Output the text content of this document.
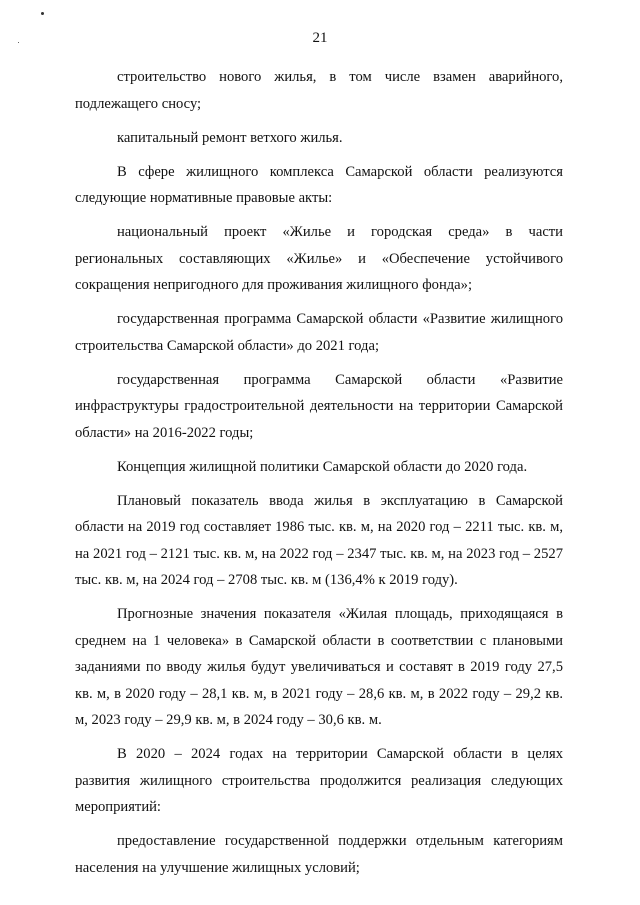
21

строительство нового жилья, в том числе взамен аварийного, подлежащего сносу;

капитальный ремонт ветхого жилья.

В сфере жилищного комплекса Самарской области реализуются следующие нормативные правовые акты:

национальный проект «Жилье и городская среда» в части региональных составляющих «Жилье» и «Обеспечение устойчивого сокращения непригодного для проживания жилищного фонда»;

государственная программа Самарской области «Развитие жилищного строительства Самарской области» до 2021 года;

государственная программа Самарской области «Развитие инфраструктуры градостроительной деятельности на территории Самарской области» на 2016-2022 годы;

Концепция жилищной политики Самарской области до 2020 года.

Плановый показатель ввода жилья в эксплуатацию в Самарской области на 2019 год составляет 1986 тыс. кв. м, на 2020 год – 2211 тыс. кв. м, на 2021 год – 2121 тыс. кв. м, на 2022 год – 2347 тыс. кв. м, на 2023 год – 2527 тыс. кв. м, на 2024 год – 2708 тыс. кв. м (136,4% к 2019 году).

Прогнозные значения показателя «Жилая площадь, приходящаяся в среднем на 1 человека» в Самарской области в соответствии с плановыми заданиями по вводу жилья будут увеличиваться и составят в 2019 году 27,5 кв. м, в 2020 году – 28,1 кв. м, в 2021 году – 28,6 кв. м, в 2022 году – 29,2 кв. м, 2023 году – 29,9 кв. м, в 2024 году – 30,6 кв. м.

В 2020 – 2024 годах на территории Самарской области в целях развития жилищного строительства продолжится реализация следующих мероприятий:

предоставление государственной поддержки отдельным категориям населения на улучшение жилищных условий;
